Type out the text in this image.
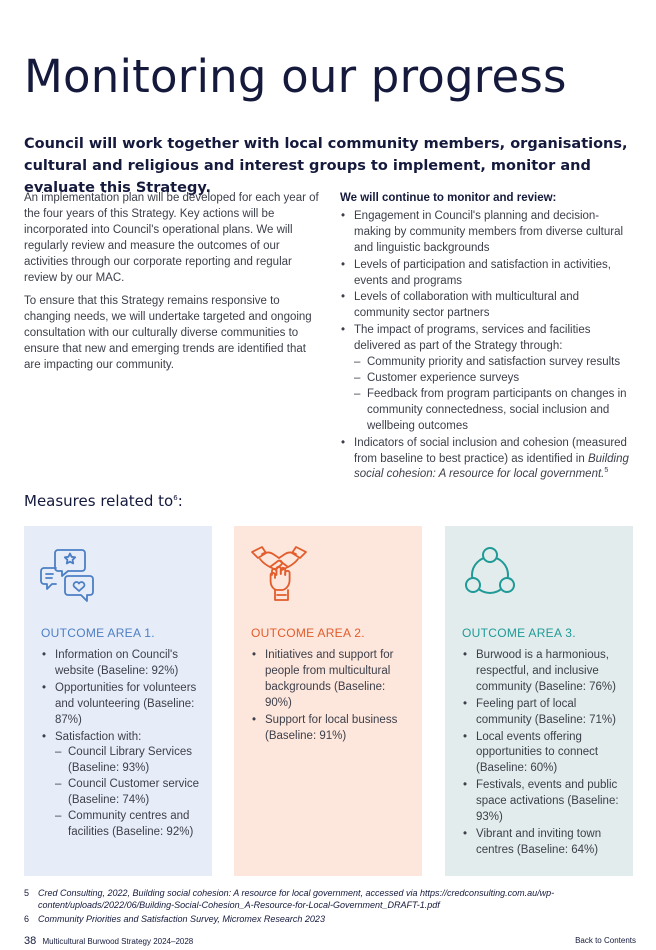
Monitoring our progress

Council will work together with local community members, organisations, cultural and religious and interest groups to implement, monitor and evaluate this Strategy.

An implementation plan will be developed for each year of the four years of this Strategy. Key actions will be incorporated into Council's operational plans. We will regularly review and measure the outcomes of our activities through our corporate reporting and regular review by our MAC.

To ensure that this Strategy remains responsive to changing needs, we will undertake targeted and ongoing consultation with our culturally diverse communities to ensure that new and emerging trends are identified that are impacting our community.

We will continue to monitor and review:

• Engagement in Council's planning and decision-making by community members from diverse cultural and linguistic backgrounds
• Levels of participation and satisfaction in activities, events and programs
• Levels of collaboration with multicultural and community sector partners
• The impact of programs, services and facilities delivered as part of the Strategy through:
– Community priority and satisfaction survey results
– Customer experience surveys
– Feedback from program participants on changes in community connectedness, social inclusion and wellbeing outcomes
• Indicators of social inclusion and cohesion (measured from baseline to best practice) as identified in Building social cohesion: A resource for local government.$^5$
Measures related $to^6$:
OUTCOME AREA 1.
• Information on Council's website (Baseline: 92%)
• Opportunities for volunteers and volunteering (Baseline: 87%)
• Satisfaction with:
– Council Library Services (Baseline: 93%)
– Council Customer service (Baseline: 74%)
– Community centres and facilities (Baseline: 92%)
OUTCOME AREA 2.
• Initiatives and support for people from multicultural backgrounds (Baseline: 90%)
• Support for local business (Baseline: 91%)
OUTCOME AREA 3.
• Burwood is a harmonious, respectful, and inclusive community (Baseline: 76%)
• Feeling part of local community (Baseline: 71%)
• Local events offering opportunities to connect (Baseline: 60%)
• Festivals, events and public space activations (Baseline: 93%)
• Vibrant and inviting town centres (Baseline: 64%)
5 Cred Consulting, 2022, Building social cohesion: A resource for local government, accessed via https://credconsulting.com.au/wp-content/uploads/2022/06/Building-Social-Cohesion_A-Resource-for-Local-Government_DRAFT-1.pdf
6 Community Priorities and Satisfaction Survey, Micromex Research 2023
38 Multicultural Burwood Strategy 2024–2028	Back to Contents
